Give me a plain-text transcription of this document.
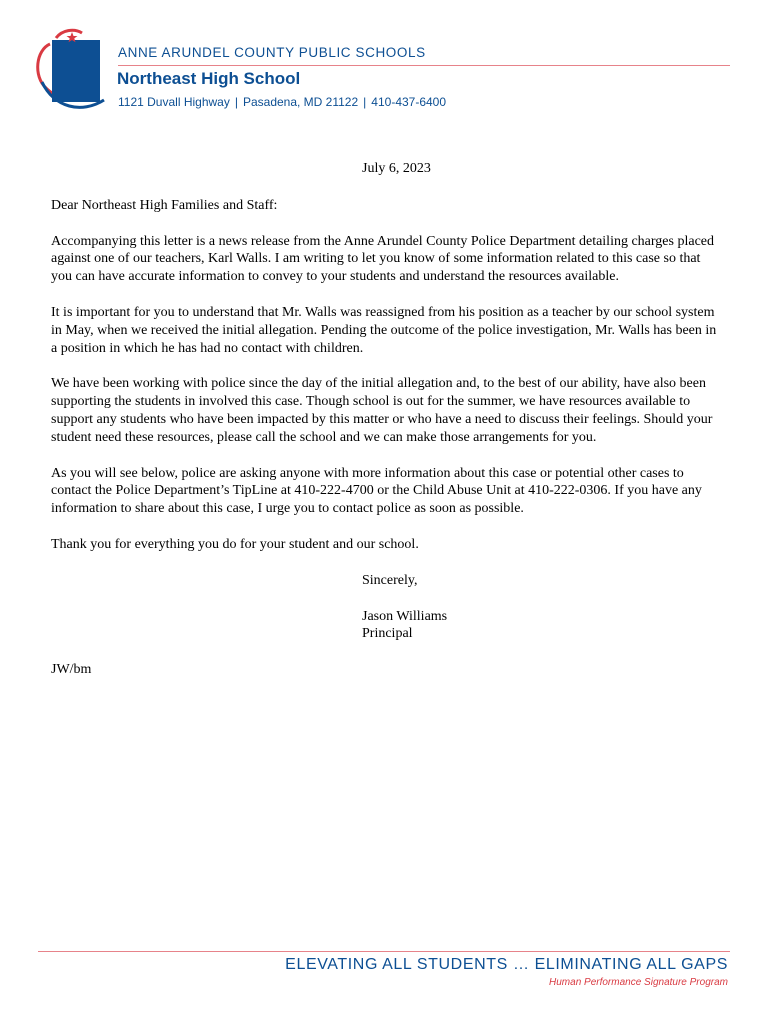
ANNE ARUNDEL COUNTY PUBLIC SCHOOLS
Northeast High School
1121 Duvall Highway | Pasadena, MD 21122 | 410-437-6400

July 6, 2023

Dear Northeast High Families and Staff:

Accompanying this letter is a news release from the Anne Arundel County Police Department detailing charges placed against one of our teachers, Karl Walls. I am writing to let you know of some information related to this case so that you can have accurate information to convey to your students and understand the resources available.

It is important for you to understand that Mr. Walls was reassigned from his position as a teacher by our school system in May, when we received the initial allegation. Pending the outcome of the police investigation, Mr. Walls has been in a position in which he has had no contact with children.

We have been working with police since the day of the initial allegation and, to the best of our ability, have also been supporting the students in involved this case. Though school is out for the summer, we have resources available to support any students who have been impacted by this matter or who have a need to discuss their feelings. Should your student need these resources, please call the school and we can make those arrangements for you.

As you will see below, police are asking anyone with more information about this case or potential other cases to contact the Police Department’s TipLine at 410-222-4700 or the Child Abuse Unit at 410-222-0306. If you have any information to share about this case, I urge you to contact police as soon as possible.

Thank you for everything you do for your student and our school.

Sincerely,

Jason Williams

Principal

JW/bm
ELEVATING ALL STUDENTS … ELIMINATING ALL GAPS
Human Performance Signature Program
